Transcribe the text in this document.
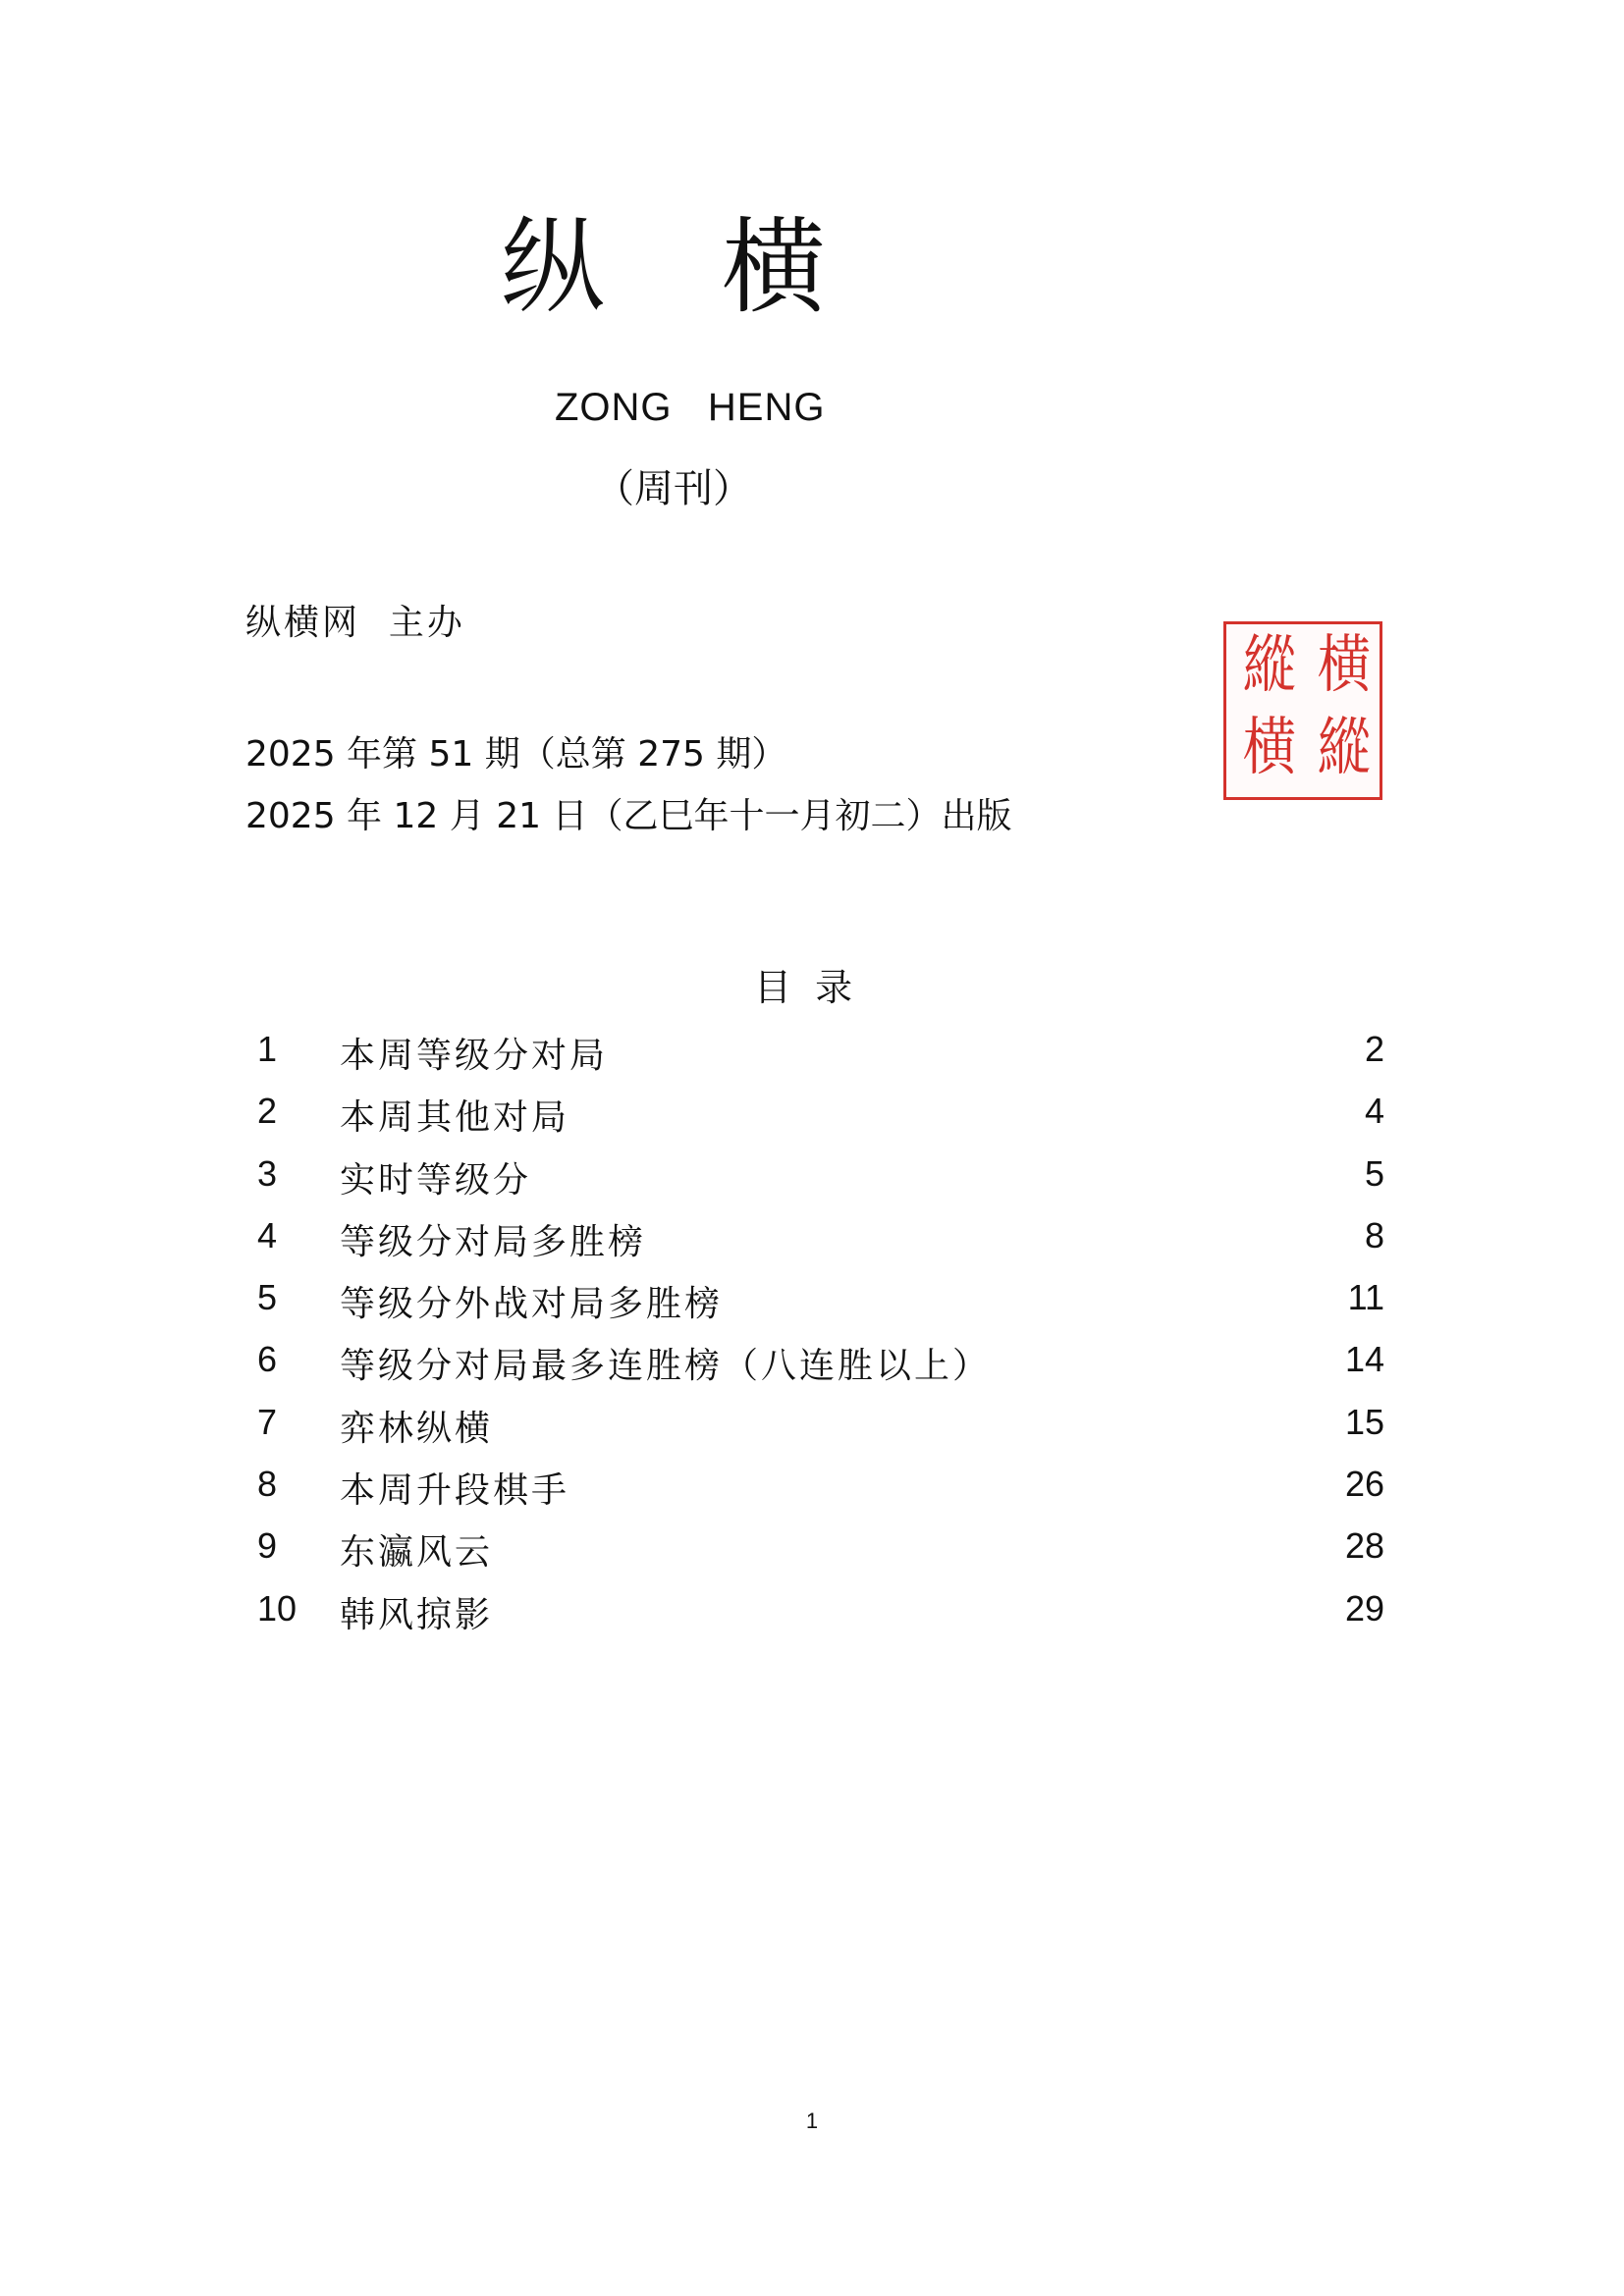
纵 横
ZONG   HENG
（周刊）
纵横网  主办
2025 年第 51 期（总第 275 期）
2025 年 12 月 21 日（乙巳年十一月初二）出版
横
縱
縱
横
目  录
1	本周等级分对局	2
2	本周其他对局	4
3	实时等级分	5
4	等级分对局多胜榜	8
5	等级分外战对局多胜榜	11
6	等级分对局最多连胜榜（八连胜以上）	14
7	弈林纵横	15
8	本周升段棋手	26
9	东瀛风云	28
10 韩风掠影	29
1
